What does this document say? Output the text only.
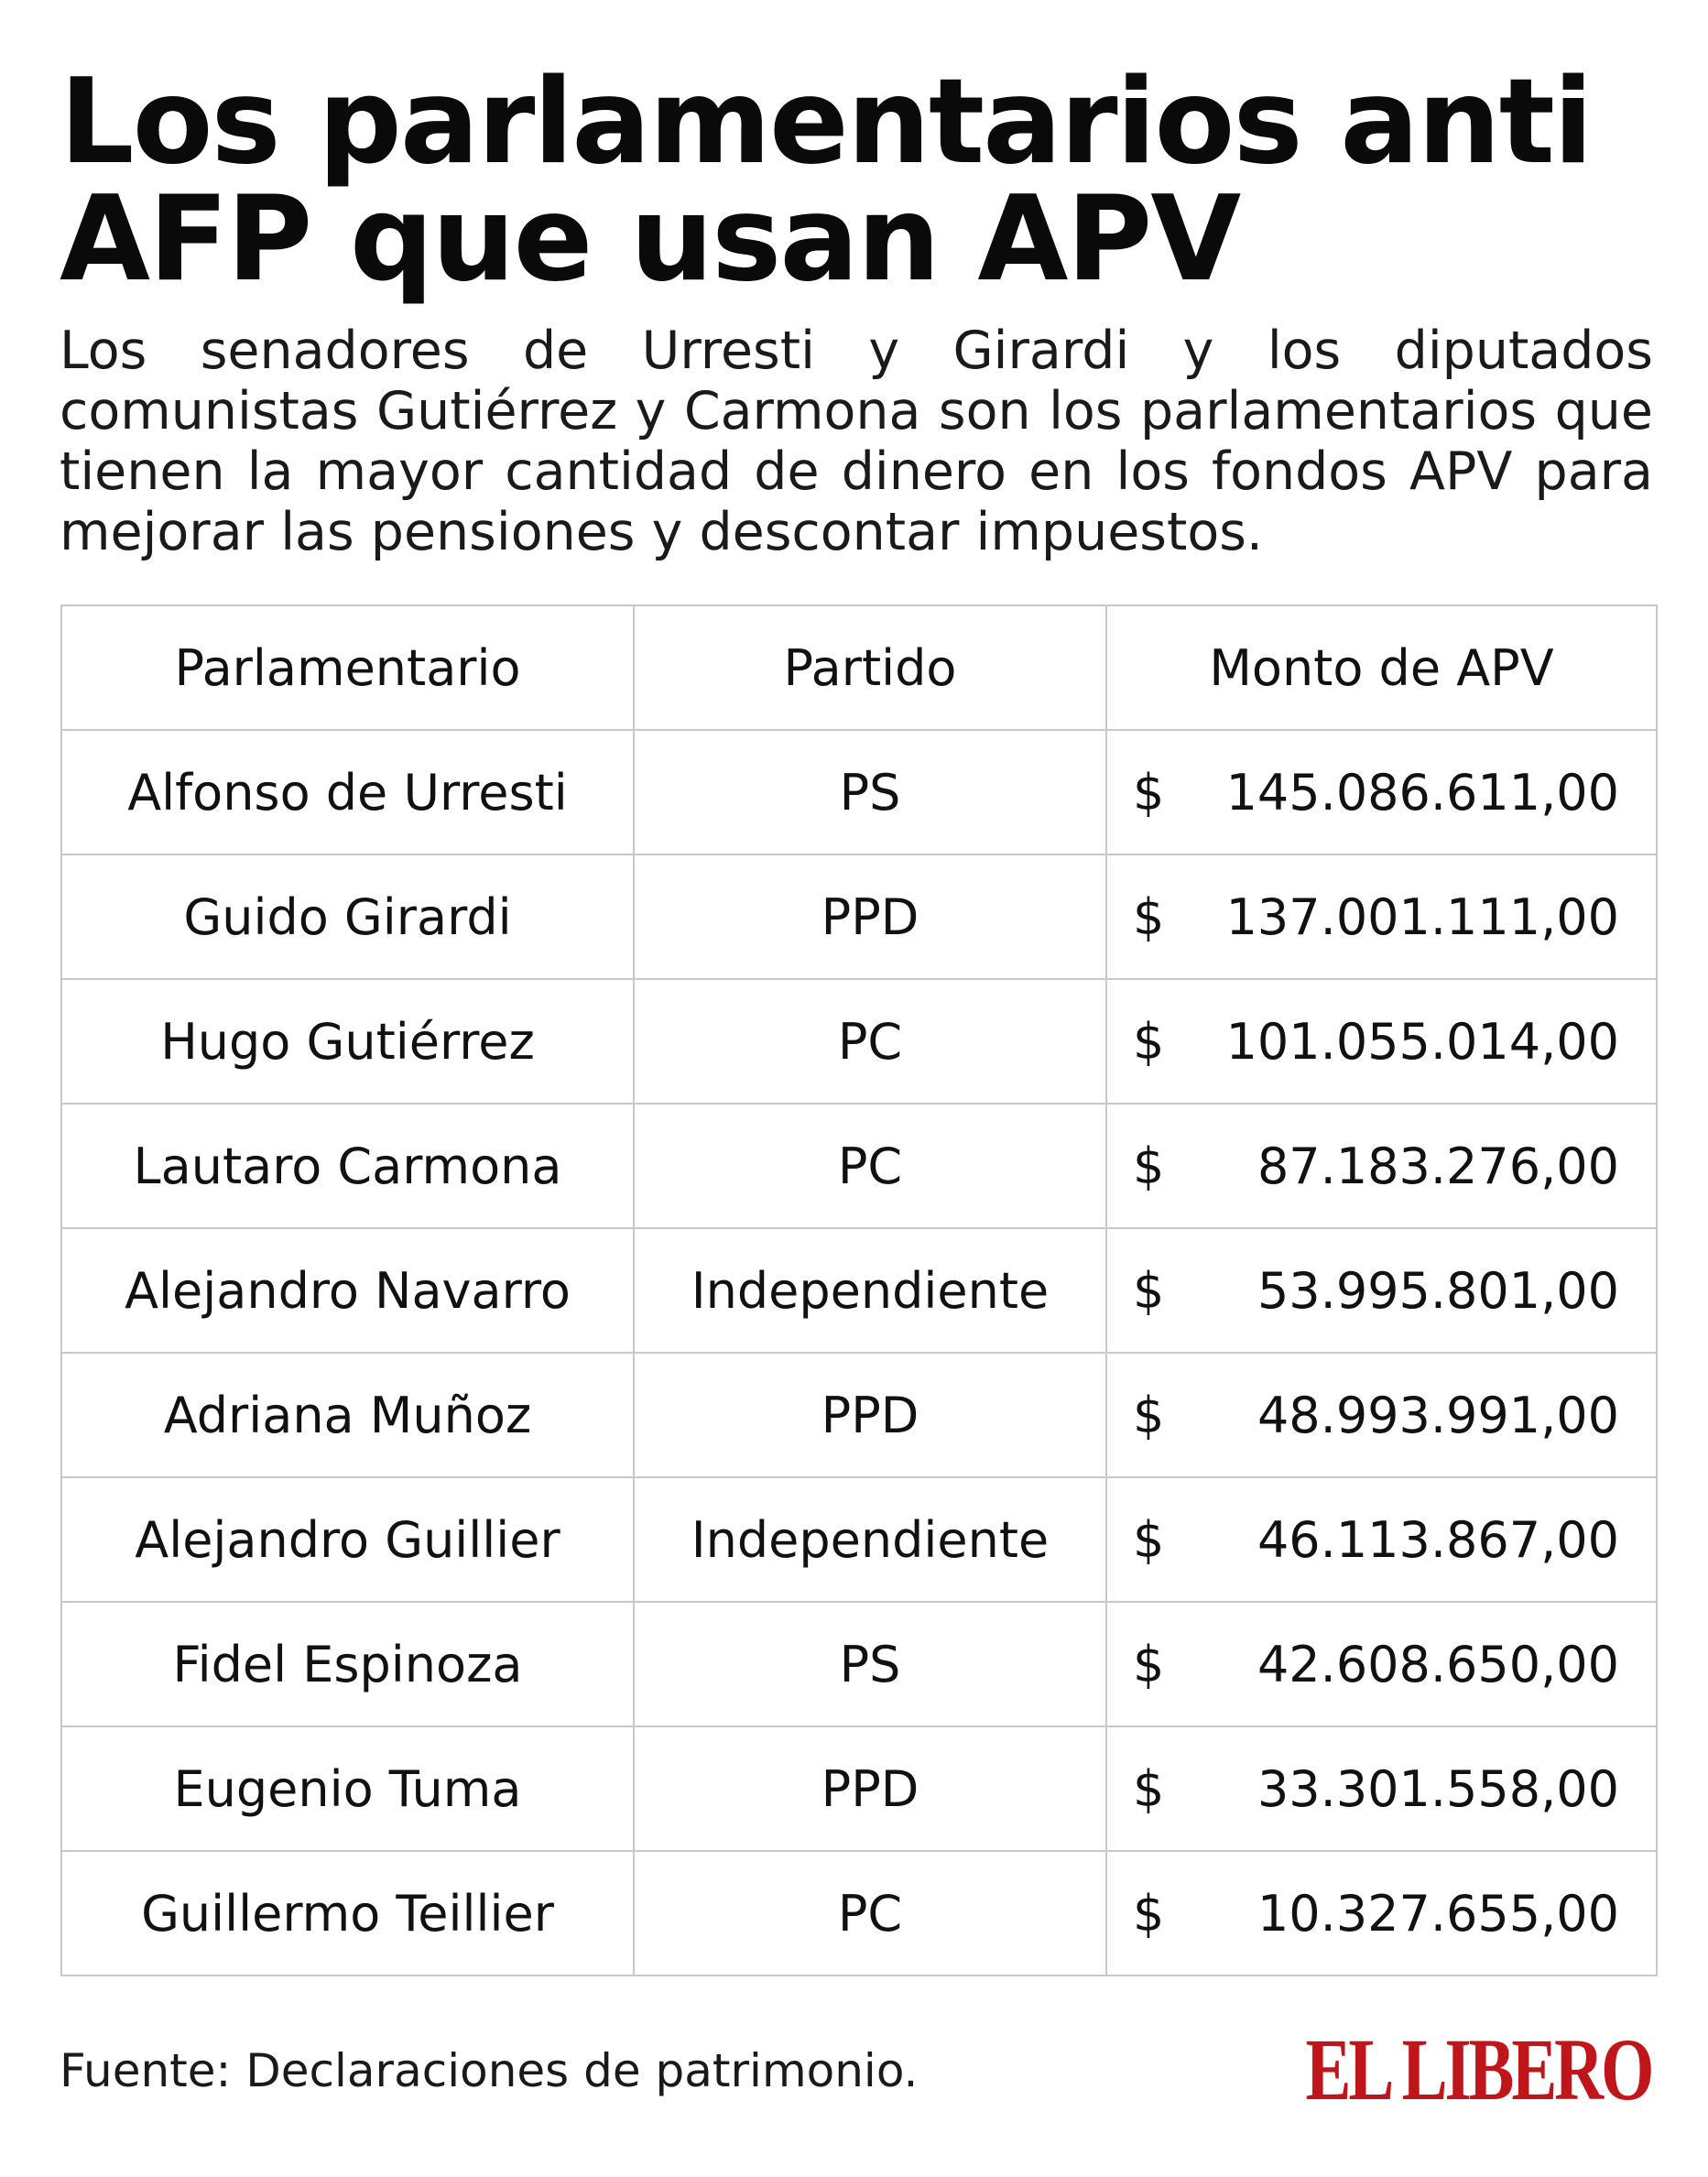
Los parlamentarios anti
AFP que usan APV

Los senadores de Urresti y Girardi y los diputados comunistas Gutiérrez y Carmona son los parlamentarios que tienen la mayor cantidad de dinero en los fondos APV para mejorar las pensiones y descontar impuestos.

Parlamentario	Partido	Monto de APV
Alfonso de Urresti	PS	$ 145.086.611,00

Guido Girardi	PPD	$ 137.001.111,00

Hugo Gutiérrez	PC	$ 101.055.014,00

Lautaro Carmona	PC	$ 87.183.276,00

Alejandro Navarro	Independiente	$ 53.995.801,00

Adriana Muñoz	PPD	$ 48.993.991,00

Alejandro Guillier	Independiente	$ 46.113.867,00

Fidel Espinoza	PS	$ 42.608.650,00

Eugenio Tuma	PPD	$ 33.301.558,00

Guillermo Teillier	PC	$ 10.327.655,00
Fuente: Declaraciones de patrimonio.	EL LIBERO
